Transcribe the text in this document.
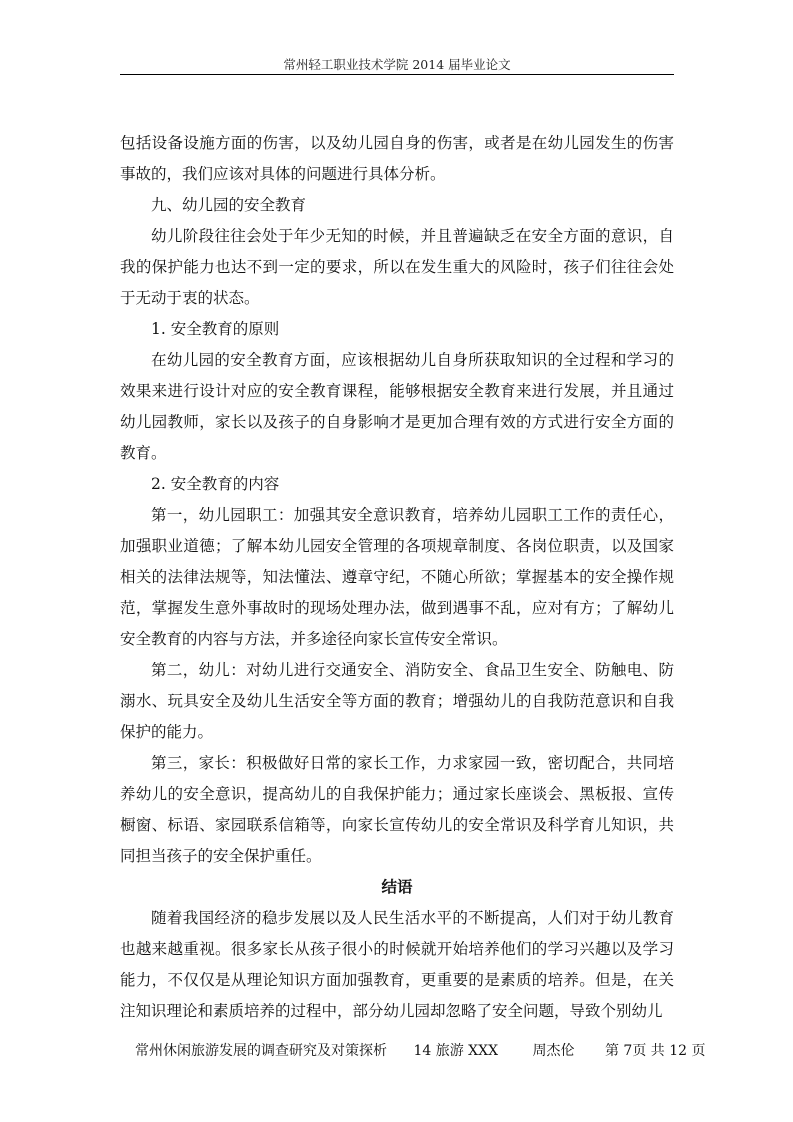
常州轻工职业技术学院 2014 届毕业论文

包括设备设施方面的伤害，以及幼儿园自身的伤害，或者是在幼儿园发生的伤害事故的，我们应该对具体的问题进行具体分析。

九、幼儿园的安全教育

幼儿阶段往往会处于年少无知的时候，并且普遍缺乏在安全方面的意识，自我的保护能力也达不到一定的要求，所以在发生重大的风险时，孩子们往往会处于无动于衷的状态。

1. 安全教育的原则

在幼儿园的安全教育方面，应该根据幼儿自身所获取知识的全过程和学习的效果来进行设计对应的安全教育课程，能够根据安全教育来进行发展，并且通过幼儿园教师，家长以及孩子的自身影响才是更加合理有效的方式进行安全方面的教育。

2. 安全教育的内容

第一，幼儿园职工：加强其安全意识教育，培养幼儿园职工工作的责任心，加强职业道德；了解本幼儿园安全管理的各项规章制度、各岗位职责，以及国家相关的法律法规等，知法懂法、遵章守纪，不随心所欲；掌握基本的安全操作规范，掌握发生意外事故时的现场处理办法，做到遇事不乱，应对有方；了解幼儿安全教育的内容与方法，并多途径向家长宣传安全常识。

第二，幼儿：对幼儿进行交通安全、消防安全、食品卫生安全、防触电、防溺水、玩具安全及幼儿生活安全等方面的教育；增强幼儿的自我防范意识和自我保护的能力。

第三，家长：积极做好日常的家长工作，力求家园一致，密切配合，共同培养幼儿的安全意识，提高幼儿的自我保护能力；通过家长座谈会、黑板报、宣传橱窗、标语、家园联系信箱等，向家长宣传幼儿的安全常识及科学育儿知识，共同担当孩子的安全保护重任。

结语

随着我国经济的稳步发展以及人民生活水平的不断提高，人们对于幼儿教育也越来越重视。很多家长从孩子很小的时候就开始培养他们的学习兴趣以及学习能力，不仅仅是从理论知识方面加强教育，更重要的是素质的培养。但是，在关注知识理论和素质培养的过程中，部分幼儿园却忽略了安全问题，导致个别幼儿

常州休闲旅游发展的调查研究及对策探析 14 旅游 XXX 周杰伦 第 7页 共 12 页
